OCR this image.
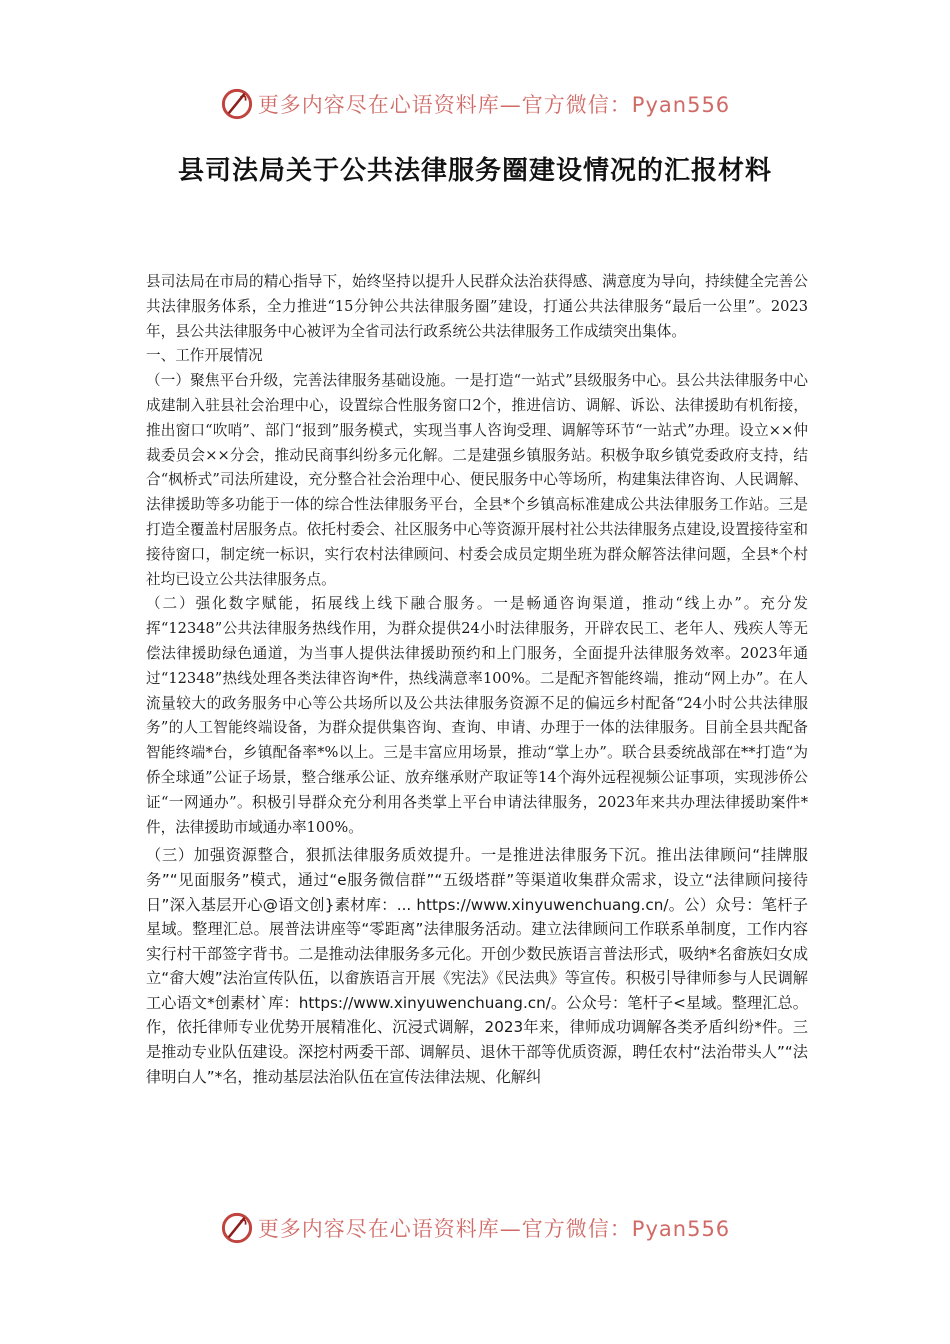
更多内容尽在心语资料库—官方微信：Pyan556
县司法局关于公共法律服务圈建设情况的汇报材料

县司法局在市局的精心指导下，始终坚持以提升人民群众法治获得感、满意度为导向，持续健全完善公共法律服务体系，全力推进“15分钟公共法律服务圈”建设，打通公共法律服务“最后一公里”。2023年，县公共法律服务中心被评为全省司法行政系统公共法律服务工作成绩突出集体。

一、工作开展情况

（一）聚焦平台升级，完善法律服务基础设施。一是打造“一站式”县级服务中心。县公共法律服务中心成建制入驻县社会治理中心，设置综合性服务窗口2个，推进信访、调解、诉讼、法律援助有机衔接，推出窗口“吹哨”、部门“报到”服务模式，实现当事人咨询受理、调解等环节“一站式”办理。设立××仲裁委员会××分会，推动民商事纠纷多元化解。二是建强乡镇服务站。积极争取乡镇党委政府支持，结合“枫桥式”司法所建设，充分整合社会治理中心、便民服务中心等场所，构建集法律咨询、人民调解、法律援助等多功能于一体的综合性法律服务平台，全县*个乡镇高标准建成公共法律服务工作站。三是打造全覆盖村居服务点。依托村委会、社区服务中心等资源开展村社公共法律服务点建设,设置接待室和接待窗口，制定统一标识，实行农村法律顾问、村委会成员定期坐班为群众解答法律问题，全县*个村社均已设立公共法律服务点。

（二）强化数字赋能，拓展线上线下融合服务。一是畅通咨询渠道，推动“线上办”。充分发挥“12348”公共法律服务热线作用，为群众提供24小时法律服务，开辟农民工、老年人、残疾人等无偿法律援助绿色通道，为当事人提供法律援助预约和上门服务，全面提升法律服务效率。2023年通过“12348”热线处理各类法律咨询*件，热线满意率100%。二是配齐智能终端，推动“网上办”。在人流量较大的政务服务中心等公共场所以及公共法律服务资源不足的偏远乡村配备“24小时公共法律服务”的人工智能终端设备，为群众提供集咨询、查询、申请、办理于一体的法律服务。目前全县共配备智能终端*台，乡镇配备率*%以上。三是丰富应用场景，推动“掌上办”。联合县委统战部在**打造“为侨全球通”公证子场景，整合继承公证、放弃继承财产取证等14个海外远程视频公证事项，实现涉侨公证“一网通办”。积极引导群众充分利用各类掌上平台申请法律服务，2023年来共办理法律援助案件*件，法律援助市域通办率100%。

（三）加强资源整合，狠抓法律服务质效提升。一是推进法律服务下沉。推出法律顾问“挂牌服务”“见面服务”模式，通过“e服务微信群”“五级塔群”等渠道收集群众需求，设立“法律顾问接待日”深入基层开心@语文创}素材库：... https://www.xinyuwenchuang.cn/。公）众号：笔杆子星域。整理汇总。展普法讲座等“零距离”法律服务活动。建立法律顾问工作联系单制度，工作内容实行村干部签字背书。二是推动法律服务多元化。开创少数民族语言普法形式，吸纳*名畲族妇女成立“畲大嫂”法治宣传队伍，以畲族语言开展《宪法》《民法典》等宣传。积极引导律师参与人民调解工心语文*创素材`库：https://www.xinyuwenchuang.cn/。公众号：笔杆子<星域。整理汇总。作，依托律师专业优势开展精准化、沉浸式调解，2023年来，律师成功调解各类矛盾纠纷*件。三是推动专业队伍建设。深挖村两委干部、调解员、退休干部等优质资源，聘任农村“法治带头人”“法律明白人”*名，推动基层法治队伍在宣传法律法规、化解纠

更多内容尽在心语资料库—官方微信：Pyan556
